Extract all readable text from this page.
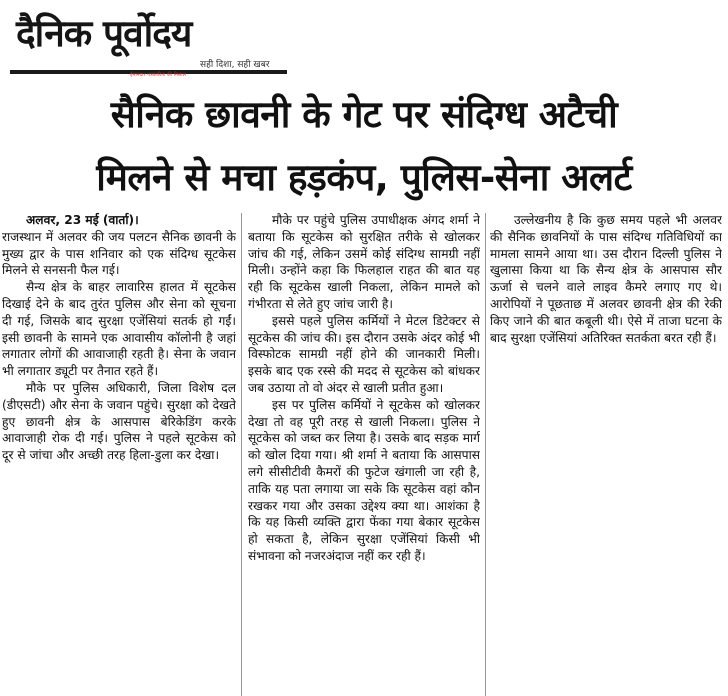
दैनिक पूर्वोदय
सही दिशा, सही खबर
ईमानदार पत्रकारिता की मिसाल
सैनिक छावनी के गेट पर संदिग्ध अटैची
मिलने से मचा हड़कंप, पुलिस-सेना अलर्ट

अलवर, 23 मई (वार्ता)।

राजस्थान में अलवर की जय पलटन सैनिक छावनी के मुख्य द्वार के पास शनिवार को एक संदिग्ध सूटकेस मिलने से सनसनी फैल गई।

सैन्य क्षेत्र के बाहर लावारिस हालत में सूटकेस दिखाई देने के बाद तुरंत पुलिस और सेना को सूचना दी गई, जिसके बाद सुरक्षा एजेंसियां सतर्क हो गईं। इसी छावनी के सामने एक आवासीय कॉलोनी है जहां लगातार लोगों की आवाजाही रहती है। सेना के जवान भी लगातार ड्यूटी पर तैनात रहते हैं।

मौके पर पुलिस अधिकारी, जिला विशेष दल (डीएसटी) और सेना के जवान पहुंचे। सुरक्षा को देखते हुए छावनी क्षेत्र के आसपास बेरिकेडिंग करके आवाजाही रोक दी गई। पुलिस ने पहले सूटकेस को दूर से जांचा और अच्छी तरह हिला-डुला कर देखा।

मौके पर पहुंचे पुलिस उपाधीक्षक अंगद शर्मा ने बताया कि सूटकेस को सुरक्षित तरीके से खोलकर जांच की गई, लेकिन उसमें कोई संदिग्ध सामग्री नहीं मिली। उन्होंने कहा कि फिलहाल राहत की बात यह रही कि सूटकेस खाली निकला, लेकिन मामले को गंभीरता से लेते हुए जांच जारी है।

इससे पहले पुलिस कर्मियों ने मेटल डिटेक्टर से सूटकेस की जांच की। इस दौरान उसके अंदर कोई भी विस्फोटक सामग्री नहीं होने की जानकारी मिली। इसके बाद एक रस्से की मदद से सूटकेस को बांधकर जब उठाया तो वो अंदर से खाली प्रतीत हुआ।

इस पर पुलिस कर्मियों ने सूटकेस को खोलकर देखा तो वह पूरी तरह से खाली निकला। पुलिस ने सूटकेस को जब्त कर लिया है। उसके बाद सड़क मार्ग को खोल दिया गया। श्री शर्मा ने बताया कि आसपास लगे सीसीटीवी कैमरों की फुटेज खंगाली जा रही है, ताकि यह पता लगाया जा सके कि सूटकेस वहां कौन रखकर गया और उसका उद्देश्य क्या था। आशंका है कि यह किसी व्यक्ति द्वारा फेंका गया बेकार सूटकेस हो सकता है, लेकिन सुरक्षा एजेंसियां किसी भी संभावना को नजरअंदाज नहीं कर रही हैं।

उल्लेखनीय है कि कुछ समय पहले भी अलवर की सैनिक छावनियों के पास संदिग्ध गतिविधियों का मामला सामने आया था। उस दौरान दिल्ली पुलिस ने खुलासा किया था कि सैन्य क्षेत्र के आसपास सौर ऊर्जा से चलने वाले लाइव कैमरे लगाए गए थे। आरोपियों ने पूछताछ में अलवर छावनी क्षेत्र की रेकी किए जाने की बात कबूली थी। ऐसे में ताजा घटना के बाद सुरक्षा एजेंसियां अतिरिक्त सतर्कता बरत रही हैं।
